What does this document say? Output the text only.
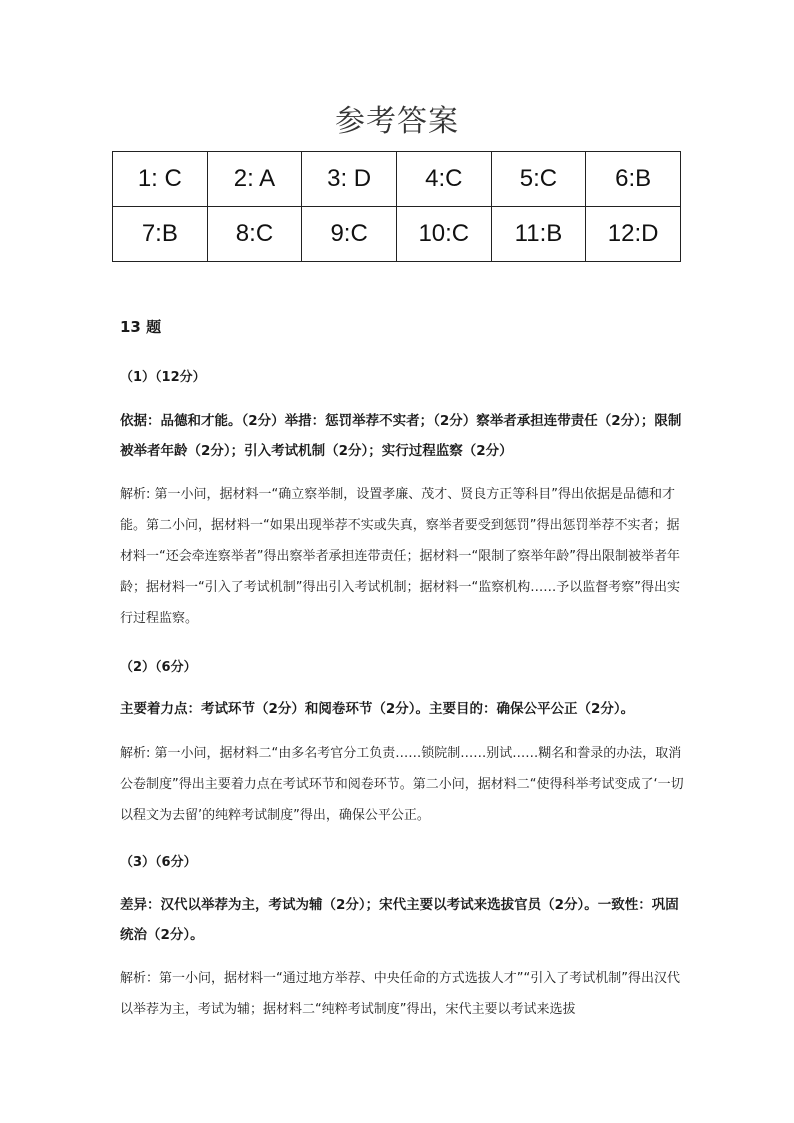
参考答案
1: C	2: A	3: D	4:C	5:C	6:B
7:B	8:C	9:C	10:C	11:B	12:D
13 题
（1）（12分）
依据：品德和才能。（2分）举措：惩罚举荐不实者；（2分）察举者承担连带责任（2分）；限制被举者年龄（2分）；引入考试机制（2分）；实行过程监察（2分）
解析: 第一小问，据材料一“确立察举制，设置孝廉、茂才、贤良方正等科目”得出依据是品德和才能。第二小问，据材料一“如果出现举荐不实或失真，察举者要受到惩罚”得出惩罚举荐不实者；据材料一“还会牵连察举者”得出察举者承担连带责任；据材料一“限制了察举年龄”得出限制被举者年龄；据材料一“引入了考试机制”得出引入考试机制；据材料一“监察机构……予以监督考察”得出实行过程监察。
（2）（6分）
主要着力点：考试环节（2分）和阅卷环节（2分）。主要目的：确保公平公正（2分）。
解析: 第一小问，据材料二“由多名考官分工负责……锁院制……别试……糊名和誊录的办法，取消公卷制度”得出主要着力点在考试环节和阅卷环节。第二小问，据材料二“使得科举考试变成了‘一切以程文为去留’的纯粹考试制度”得出，确保公平公正。
（3）（6分）
差异：汉代以举荐为主，考试为辅（2分）；宋代主要以考试来选拔官员（2分）。一致性：巩固统治（2分）。
解析：第一小问，据材料一“通过地方举荐、中央任命的方式选拔人才”“引入了考试机制”得出汉代以举荐为主，考试为辅；据材料二“纯粹考试制度”得出，宋代主要以考试来选拔
